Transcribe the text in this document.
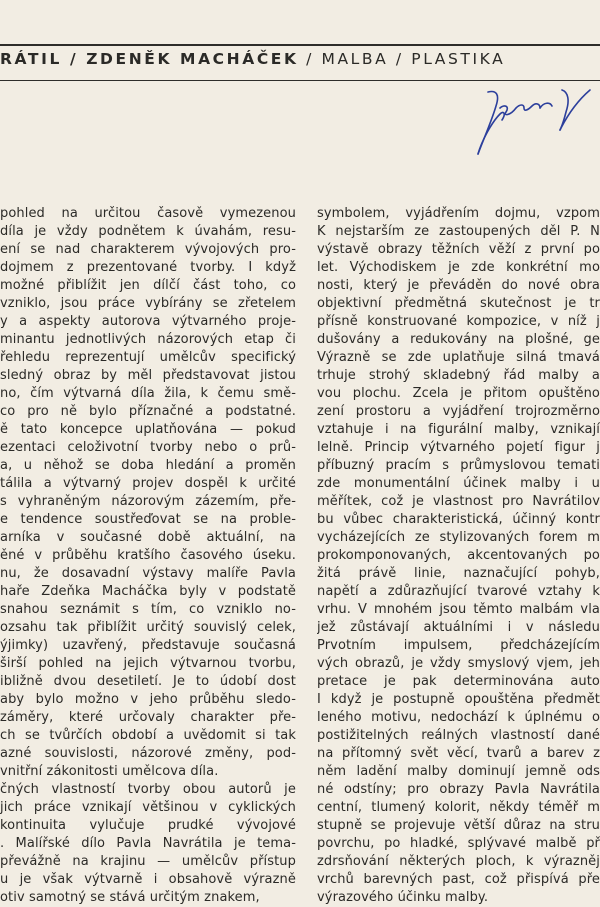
RÁTIL / ZDENĚK MACHÁČEK / MALBA / PLASTIKA
pohled na určitou časově vymezenou
díla je vždy podnětem k úvahám, resu-
ení se nad charakterem vývojových pro-
dojmem z prezentované tvorby. I když
možné přiblížit jen dílčí část toho, co
vzniklo, jsou práce vybírány se zřetelem
y a aspekty autorova výtvarného proje-
minantu jednotlivých názorových etap či
řehledu reprezentují umělcův specifický
sledný obraz by měl představovat jistou
no, čím výtvarná díla žila, k čemu smě-
co pro ně bylo příznačné a podstatné.
ě tato koncepce uplatňována — pokud
ezentaci celoživotní tvorby nebo o prů-
a, u něhož se doba hledání a proměn
tálila a výtvarný projev dospěl k určité
s vyhraněným názorovým zázemím, pře-
e tendence soustřeďovat se na proble-
arníka v současné době aktuální, na
ěné v průběhu kratšího časového úseku.
nu, že dosavadní výstavy malíře Pavla
haře Zdeňka Macháčka byly v podstatě
snahou seznámit s tím, co vzniklo no-
ozsahu tak přiblížit určitý souvislý celek,
ýjimky) uzavřený, představuje současná
širší pohled na jejich výtvarnou tvorbu,
ibližně dvou desetiletí. Je to údobí dost
aby bylo možno v jeho průběhu sledo-
záměry, které určovaly charakter pře-
ch se tvůrčích období a uvědomit si tak
azné souvislosti, názorové změny, pod-
vnitřní zákonitosti umělcova díla.
čných vlastností tvorby obou autorů je
jich práce vznikají většinou v cyklických
kontinuita vylučuje prudké vývojové
. Malířské dílo Pavla Navrátila je tema-
převážně na krajinu — umělcův přístup
u je však výtvarně i obsahově výrazně
otiv samotný se stává určitým znakem,
symbolem, vyjádřením dojmu, vzpom
K nejstarším ze zastoupených děl P. N
výstavě obrazy těžních věží z první po
let. Východiskem je zde konkrétní mo
nosti, který je převáděn do nové obra
objektivní předmětná skutečnost je tr
přísně konstruované kompozice, v níž j
dušovány a redukovány na plošné, ge
Výrazně se zde uplatňuje silná tmavá
trhuje strohý skladebný řád malby a
vou plochu. Zcela je přitom opuštěno
zení prostoru a vyjádření trojrozměrno
vztahuje i na figurální malby, vznikají
lelně. Princip výtvarného pojetí figur j
příbuzný pracím s průmyslovou temati
zde monumentální účinek malby i u
měřítek, což je vlastnost pro Navrátilov
bu vůbec charakteristická, účinný kontr
vycházejících ze stylizovaných forem m
prokomponovaných, akcentovaných po
žitá právě linie, naznačující pohyb,
napětí a zdůrazňující tvarové vztahy k
vrhu. V mnohém jsou těmto malbám vla
jež zůstávají aktuálními i v následu
Prvotním impulsem, předcházejícím
vých obrazů, je vždy smyslový vjem, jeh
pretace je pak determinována auto
I když je postupně opouštěna předmět
leného motivu, nedochází k úplnému o
postižitelných reálných vlastností dané
na přítomný svět věcí, tvarů a barev z
něm ladění malby dominují jemně ods
né odstíny; pro obrazy Pavla Navrátila
centní, tlumený kolorit, někdy téměř m
stupně se projevuje větší důraz na stru
povrchu, po hladké, splývavé malbě př
zdrsňování některých ploch, k výrazněj
vrchů barevných past, což přispívá pře
výrazového účinku malby.
